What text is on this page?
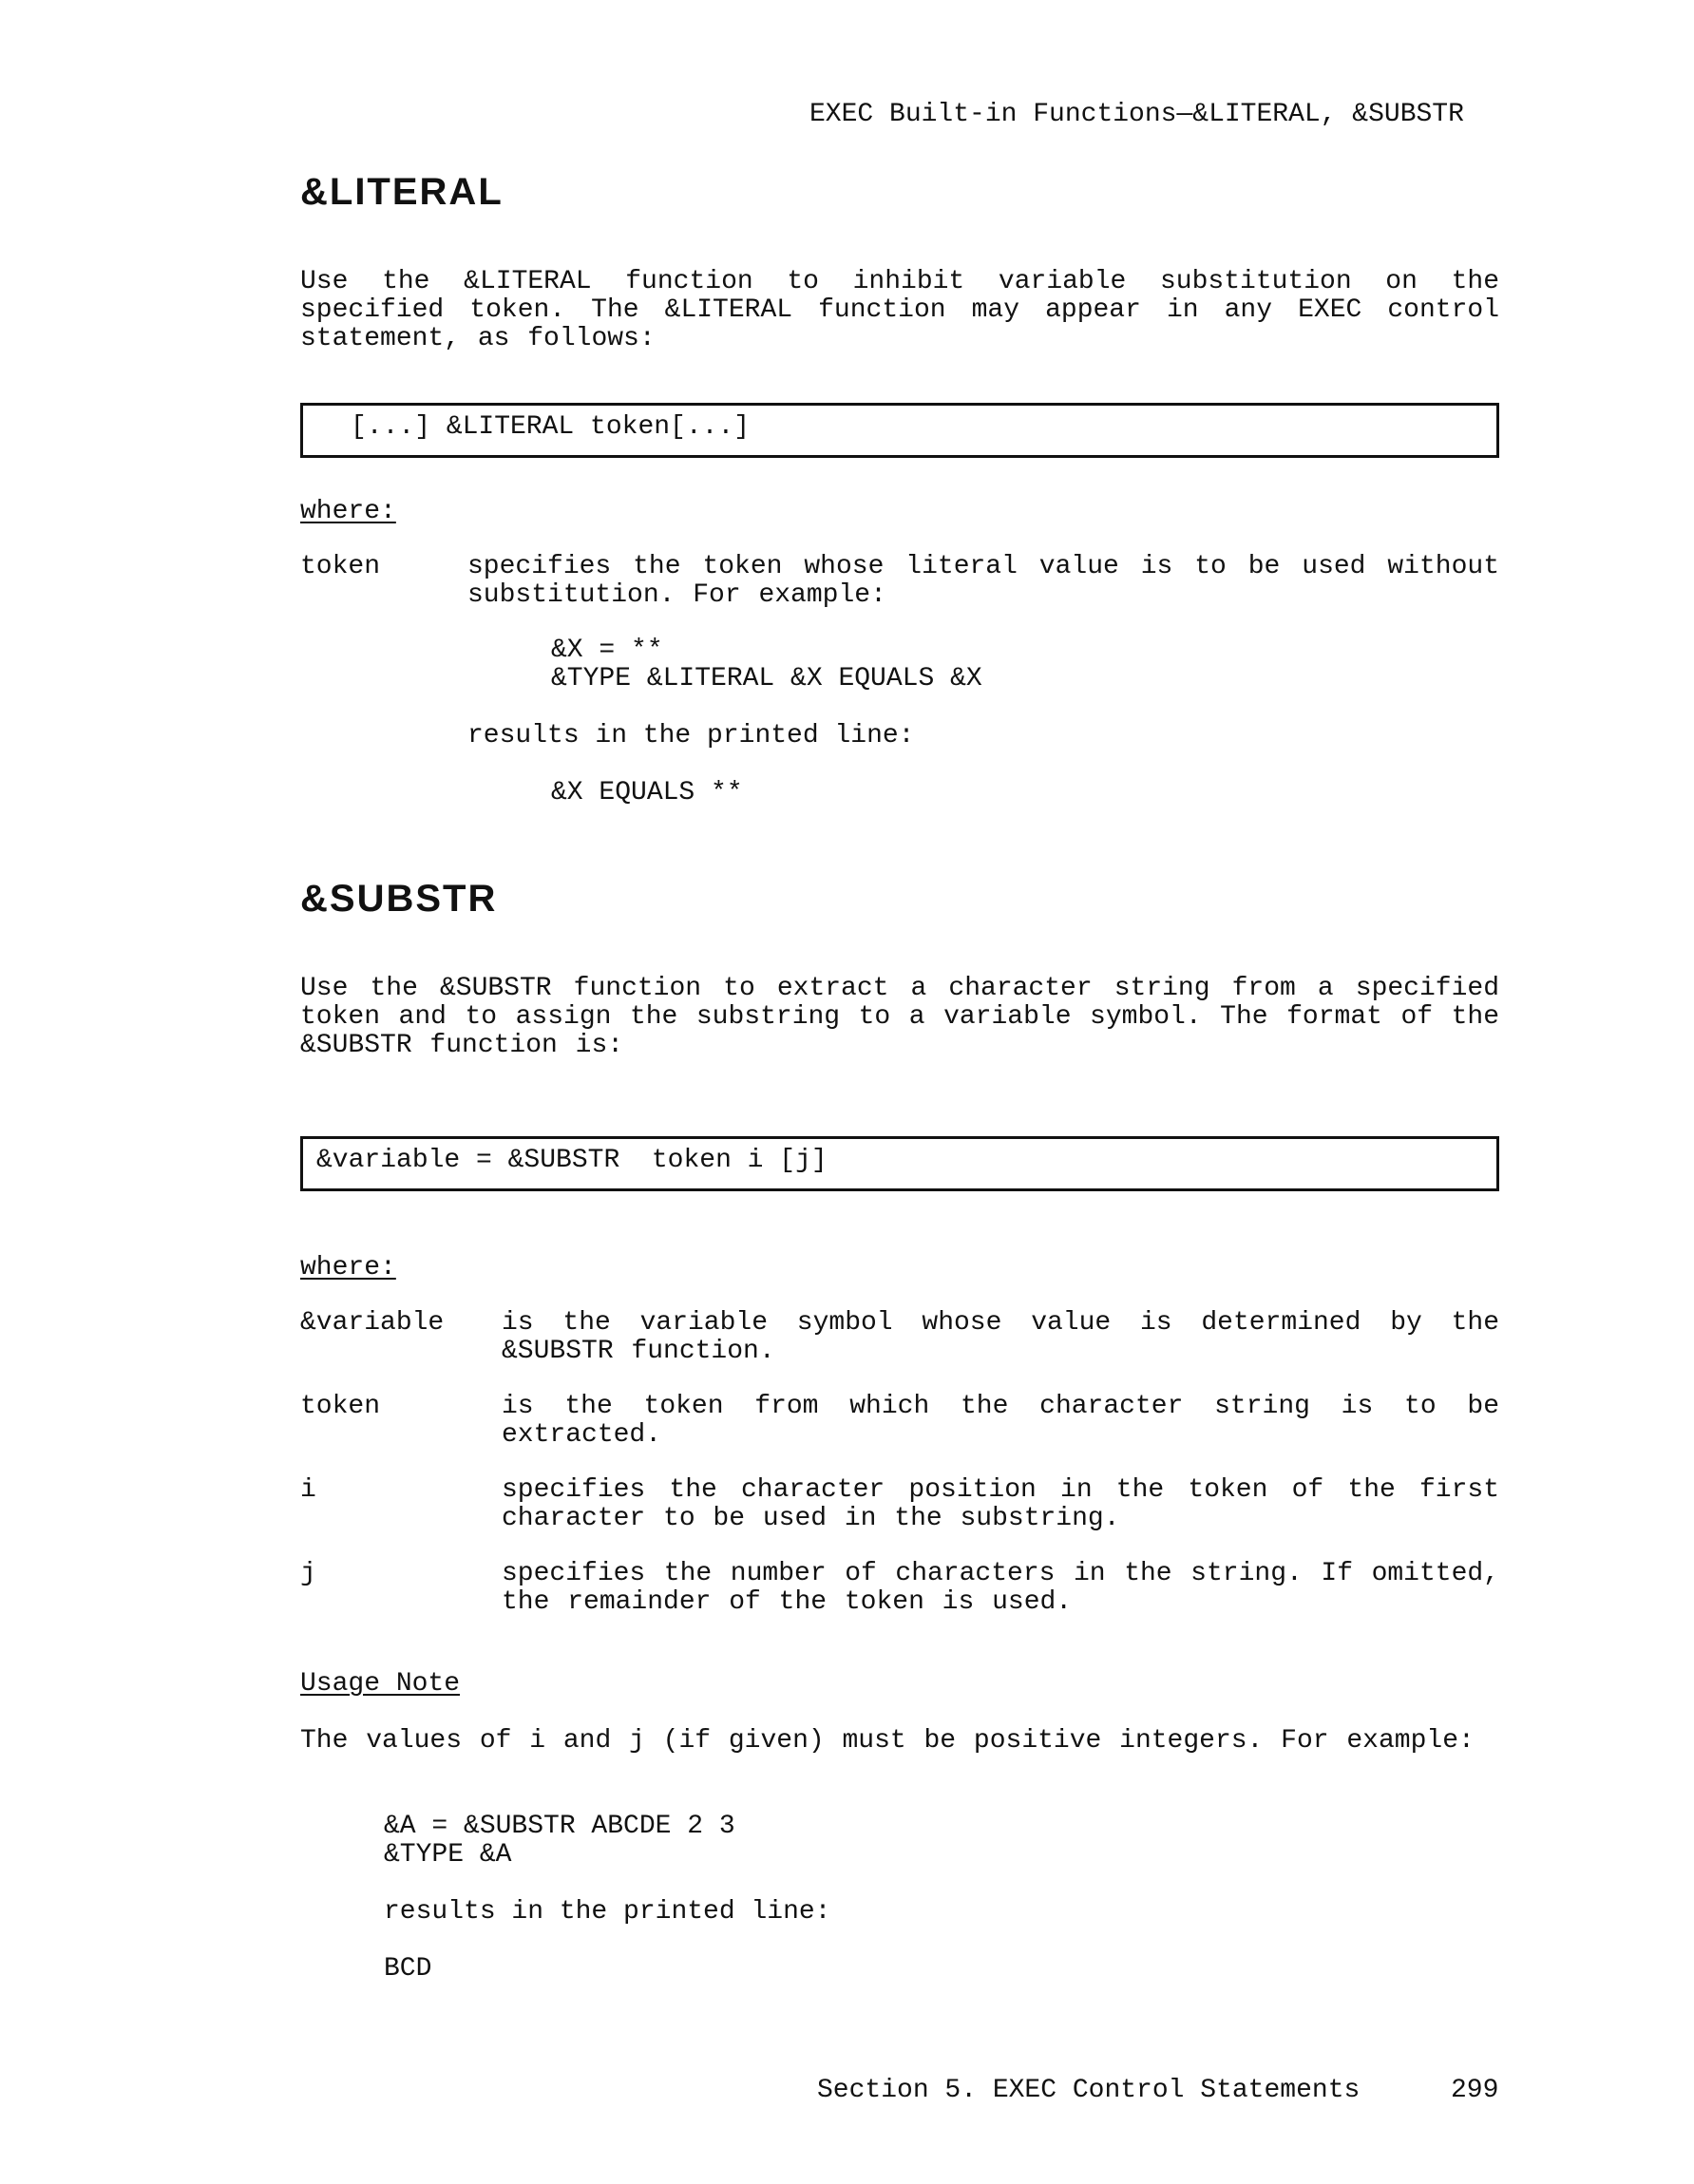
EXEC Built-in Functions—&LITERAL, &SUBSTR
&LITERAL
Use the &LITERAL function to inhibit variable substitution on the specified token. The &LITERAL function may appear in any EXEC control statement, as follows:
[...] &LITERAL token[...]
where:
token	specifies the token whose literal value is to be used without substitution. For example:
&X = **
&TYPE &LITERAL &X EQUALS &X
results in the printed line:
&X EQUALS **
&SUBSTR
Use the &SUBSTR function to extract a character string from a specified token and to assign the substring to a variable symbol. The format of the &SUBSTR function is:
&variable = &SUBSTR  token i [j]
where:
&variable is the variable symbol whose value is determined by the &SUBSTR function.
token	is the token from which the character string is to be extracted.
i	specifies the character position in the token of the first character to be used in the substring.
j	specifies the number of characters in the string. If omitted, the remainder of the token is used.
Usage Note
The values of i and j (if given) must be positive integers. For example:
&A = &SUBSTR ABCDE 2 3
&TYPE &A
results in the printed line:
BCD
Section 5. EXEC Control Statements	299
